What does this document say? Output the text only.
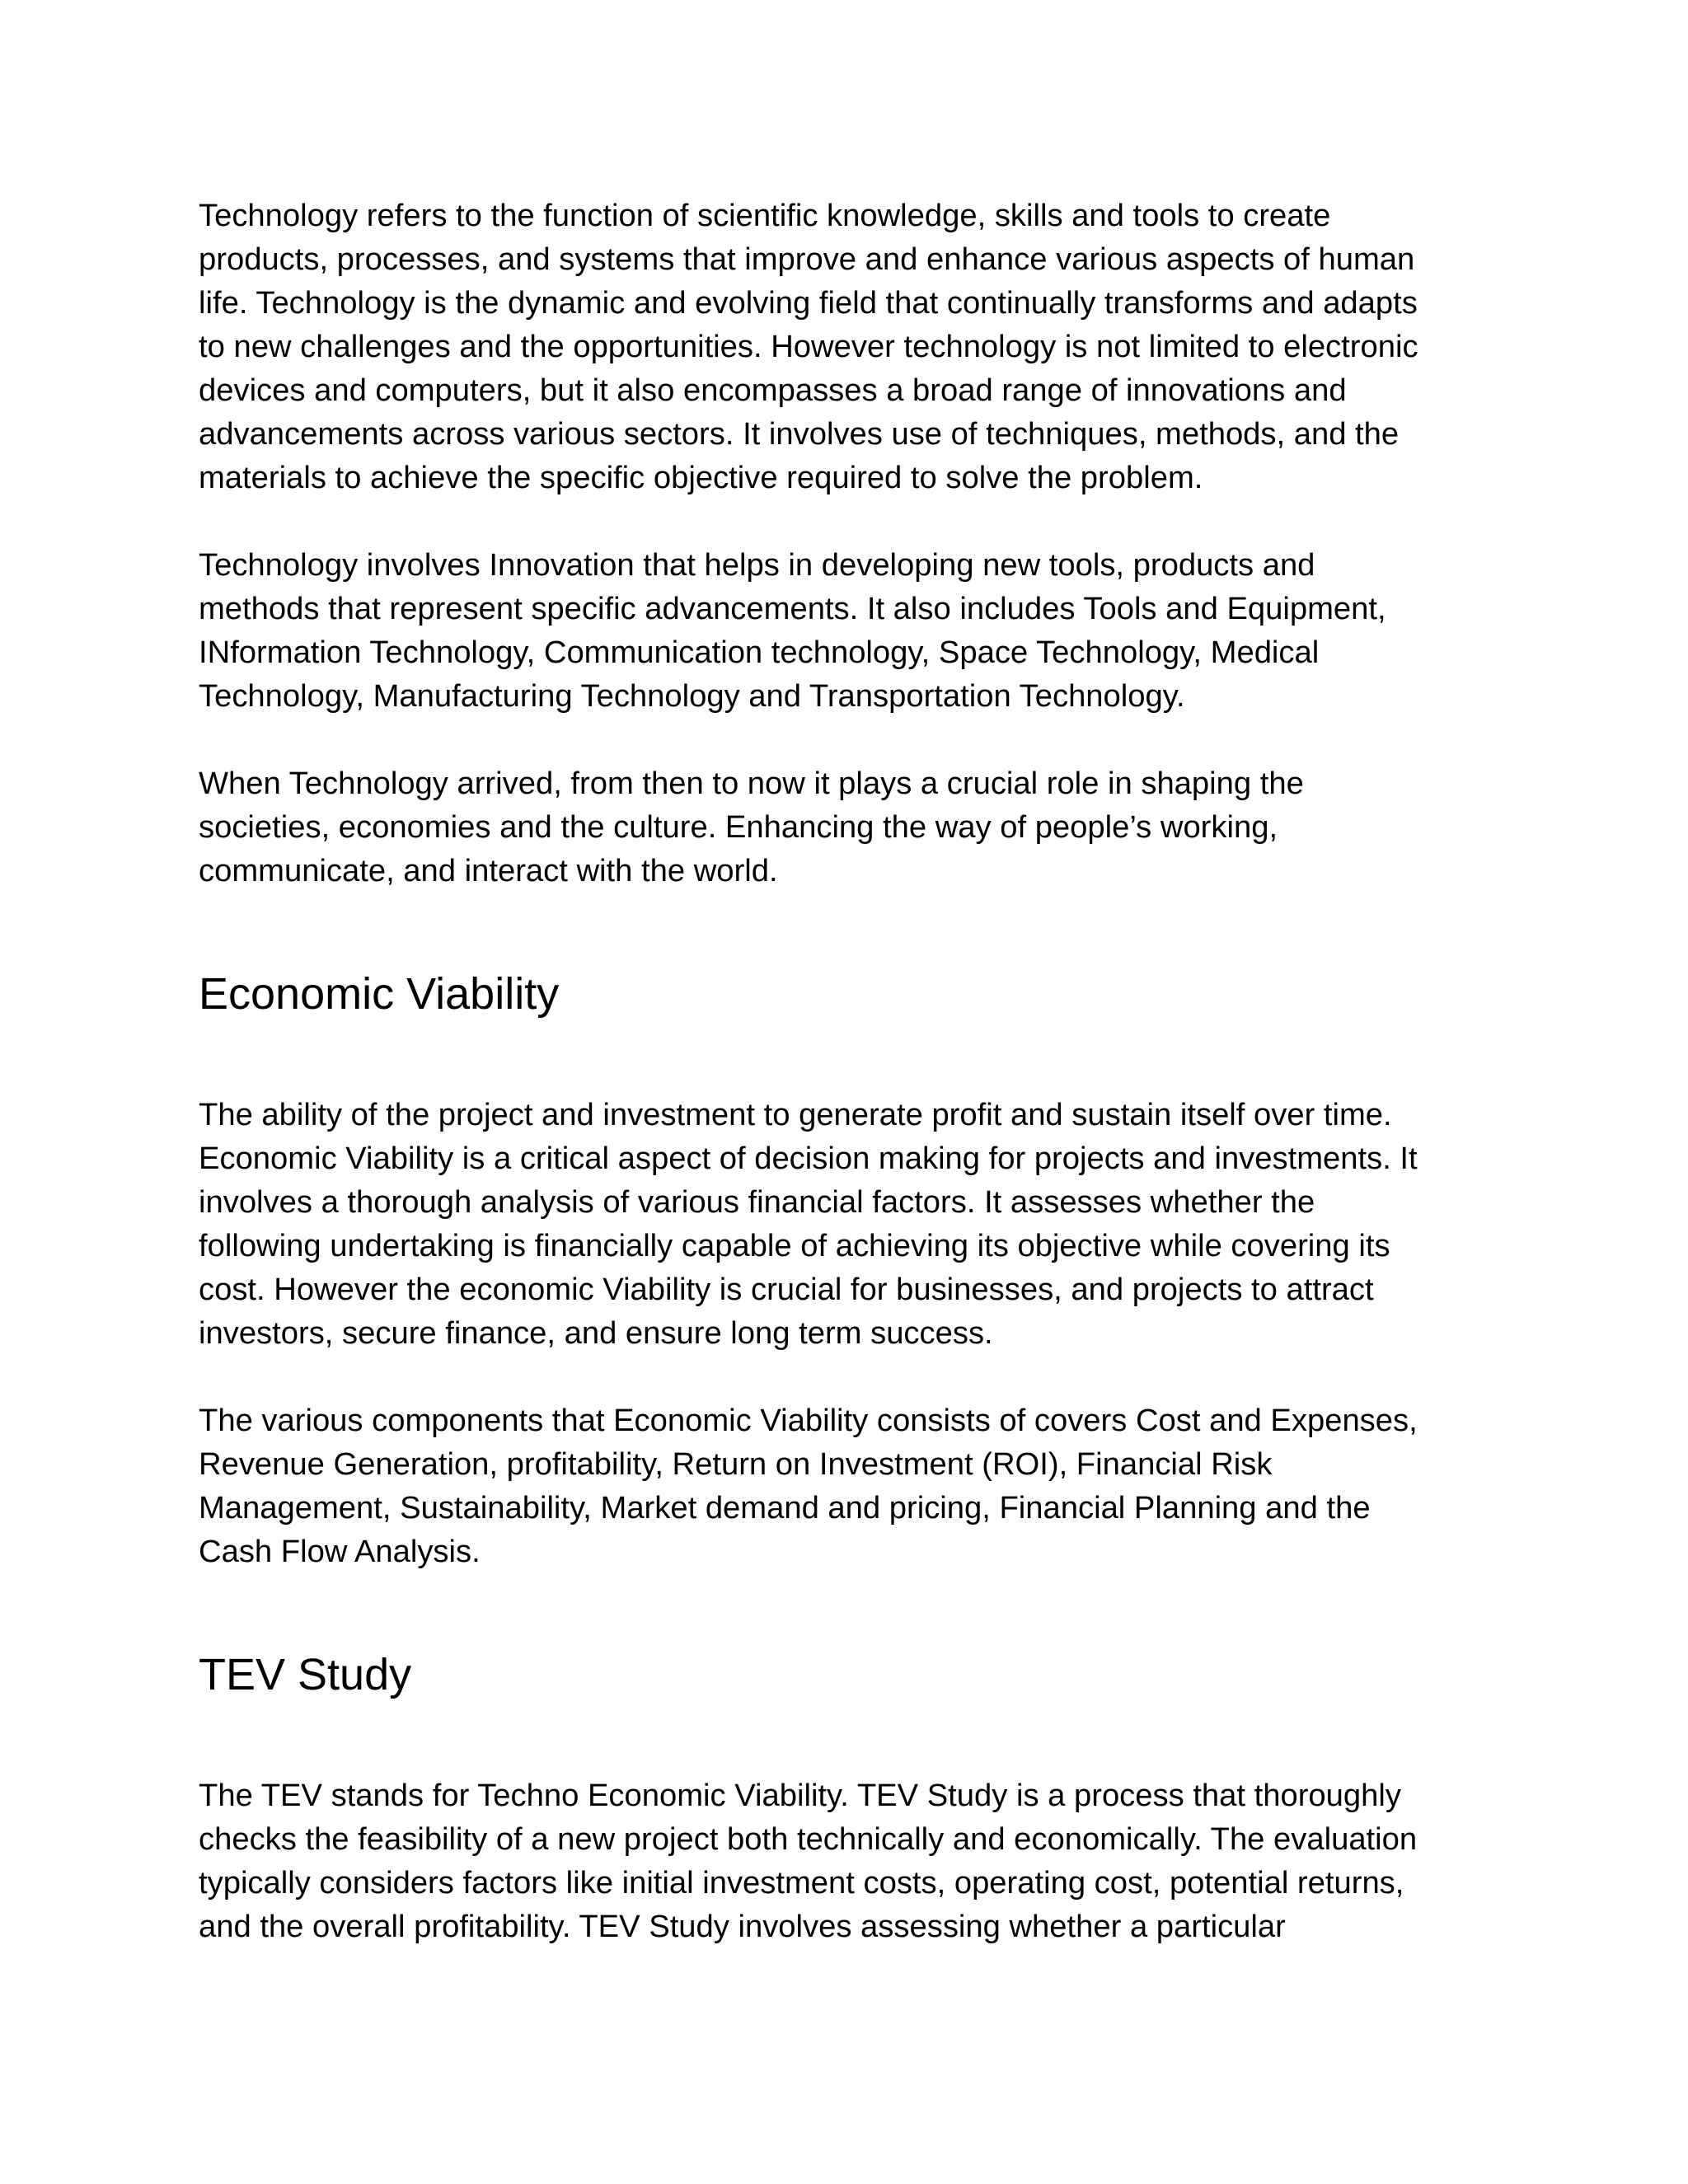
Technology refers to the function of scientific knowledge, skills and tools to create
products, processes, and systems that improve and enhance various aspects of human
life. Technology is the dynamic and evolving field that continually transforms and adapts
to new challenges and the opportunities. However technology is not limited to electronic
devices and computers, but it also encompasses a broad range of innovations and
advancements across various sectors. It involves use of techniques, methods, and the
materials to achieve the specific objective required to solve the problem.

Technology involves Innovation that helps in developing new tools, products and
methods that represent specific advancements. It also includes Tools and Equipment,
INformation Technology, Communication technology, Space Technology, Medical
Technology, Manufacturing Technology and Transportation Technology.

When Technology arrived, from then to now it plays a crucial role in shaping the
societies, economies and the culture. Enhancing the way of people’s working,
communicate, and interact with the world.

Economic Viability

The ability of the project and investment to generate profit and sustain itself over time.
Economic Viability is a critical aspect of decision making for projects and investments. It
involves a thorough analysis of various financial factors. It assesses whether the
following undertaking is financially capable of achieving its objective while covering its
cost. However the economic Viability is crucial for businesses, and projects to attract
investors, secure finance, and ensure long term success.

The various components that Economic Viability consists of covers Cost and Expenses,
Revenue Generation, profitability, Return on Investment (ROI), Financial Risk
Management, Sustainability, Market demand and pricing, Financial Planning and the
Cash Flow Analysis.

TEV Study

The TEV stands for Techno Economic Viability. TEV Study is a process that thoroughly
checks the feasibility of a new project both technically and economically. The evaluation
typically considers factors like initial investment costs, operating cost, potential returns,
and the overall profitability. TEV Study involves assessing whether a particular
